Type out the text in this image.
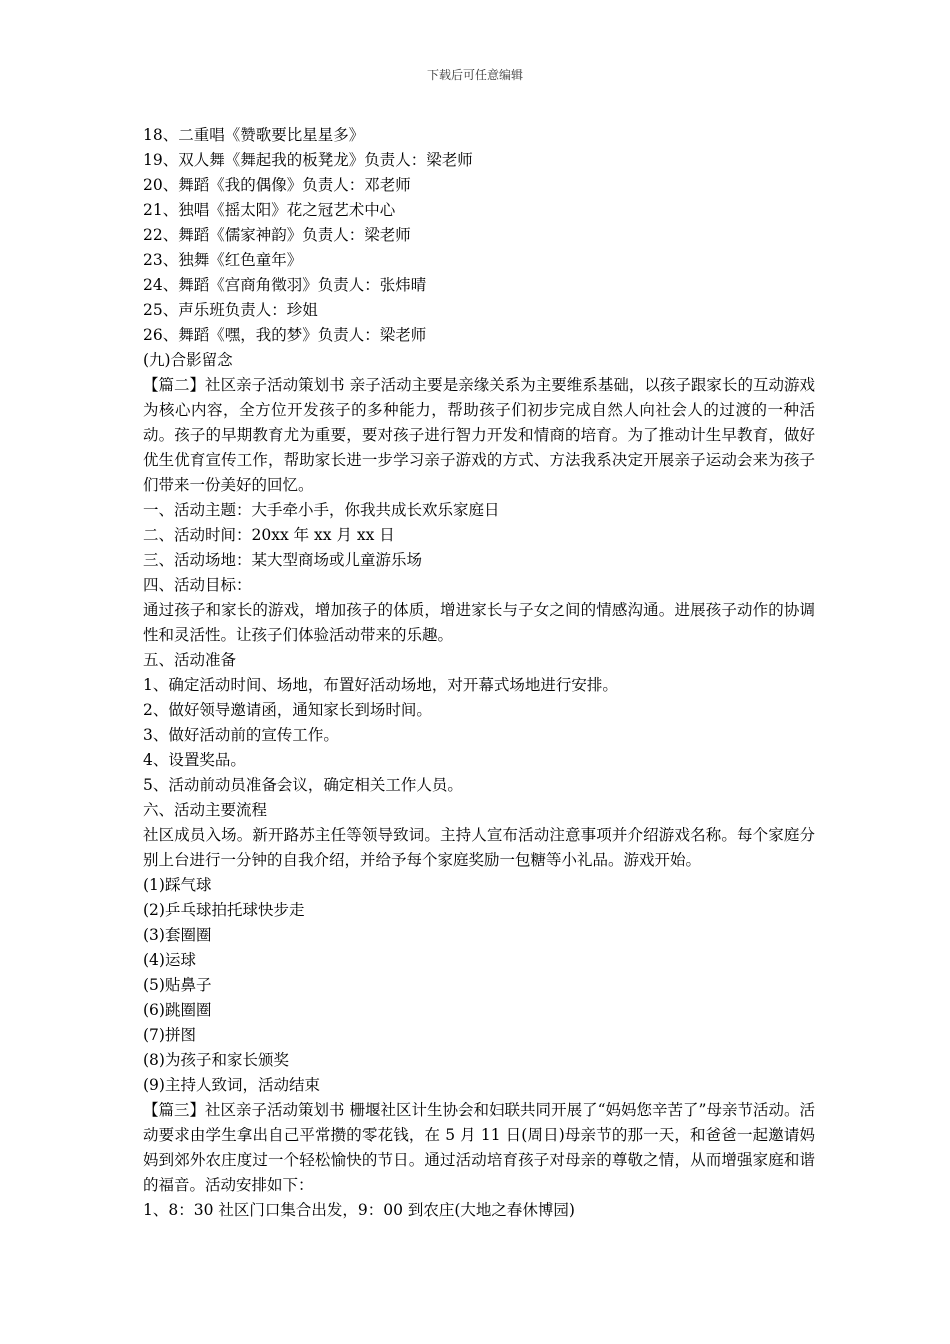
下载后可任意编辑
18、二重唱《赞歌要比星星多》
19、双人舞《舞起我的板凳龙》负责人：梁老师
20、舞蹈《我的偶像》负责人：邓老师
21、独唱《摇太阳》花之冠艺术中心
22、舞蹈《儒家神韵》负责人：梁老师
23、独舞《红色童年》
24、舞蹈《宫商角徵羽》负责人：张炜晴
25、声乐班负责人：珍姐
26、舞蹈《嘿，我的梦》负责人：梁老师
(九)合影留念

【篇二】社区亲子活动策划书 亲子活动主要是亲缘关系为主要维系基础，以孩子跟家长的互动游戏为核心内容，全方位开发孩子的多种能力，帮助孩子们初步完成自然人向社会人的过渡的一种活动。孩子的早期教育尤为重要，要对孩子进行智力开发和情商的培育。为了推动计生早教育，做好优生优育宣传工作，帮助家长进一步学习亲子游戏的方式、方法我系决定开展亲子运动会来为孩子们带来一份美好的回忆。

一、活动主题：大手牵小手，你我共成长欢乐家庭日
二、活动时间：20xx 年 xx 月 xx 日
三、活动场地：某大型商场或儿童游乐场
四、活动目标：

通过孩子和家长的游戏，增加孩子的体质，增进家长与子女之间的情感沟通。进展孩子动作的协调性和灵活性。让孩子们体验活动带来的乐趣。

五、活动准备
1、确定活动时间、场地，布置好活动场地，对开幕式场地进行安排。
2、做好领导邀请函，通知家长到场时间。
3、做好活动前的宣传工作。
4、设置奖品。
5、活动前动员准备会议，确定相关工作人员。
六、活动主要流程

社区成员入场。新开路苏主任等领导致词。主持人宣布活动注意事项并介绍游戏名称。每个家庭分别上台进行一分钟的自我介绍，并给予每个家庭奖励一包糖等小礼品。游戏开始。

(1)踩气球
(2)乒乓球拍托球快步走
(3)套圈圈
(4)运球
(5)贴鼻子
(6)跳圈圈
(7)拼图
(8)为孩子和家长颁奖
(9)主持人致词，活动结束

【篇三】社区亲子活动策划书 栅堰社区计生协会和妇联共同开展了“妈妈您辛苦了”母亲节活动。活动要求由学生拿出自己平常攒的零花钱，在 5 月 11 日(周日)母亲节的那一天，和爸爸一起邀请妈妈到郊外农庄度过一个轻松愉快的节日。通过活动培育孩子对母亲的尊敬之情，从而增强家庭和谐的福音。活动安排如下：

1、8：30 社区门口集合出发，9：00 到农庄(大地之春休博园)
